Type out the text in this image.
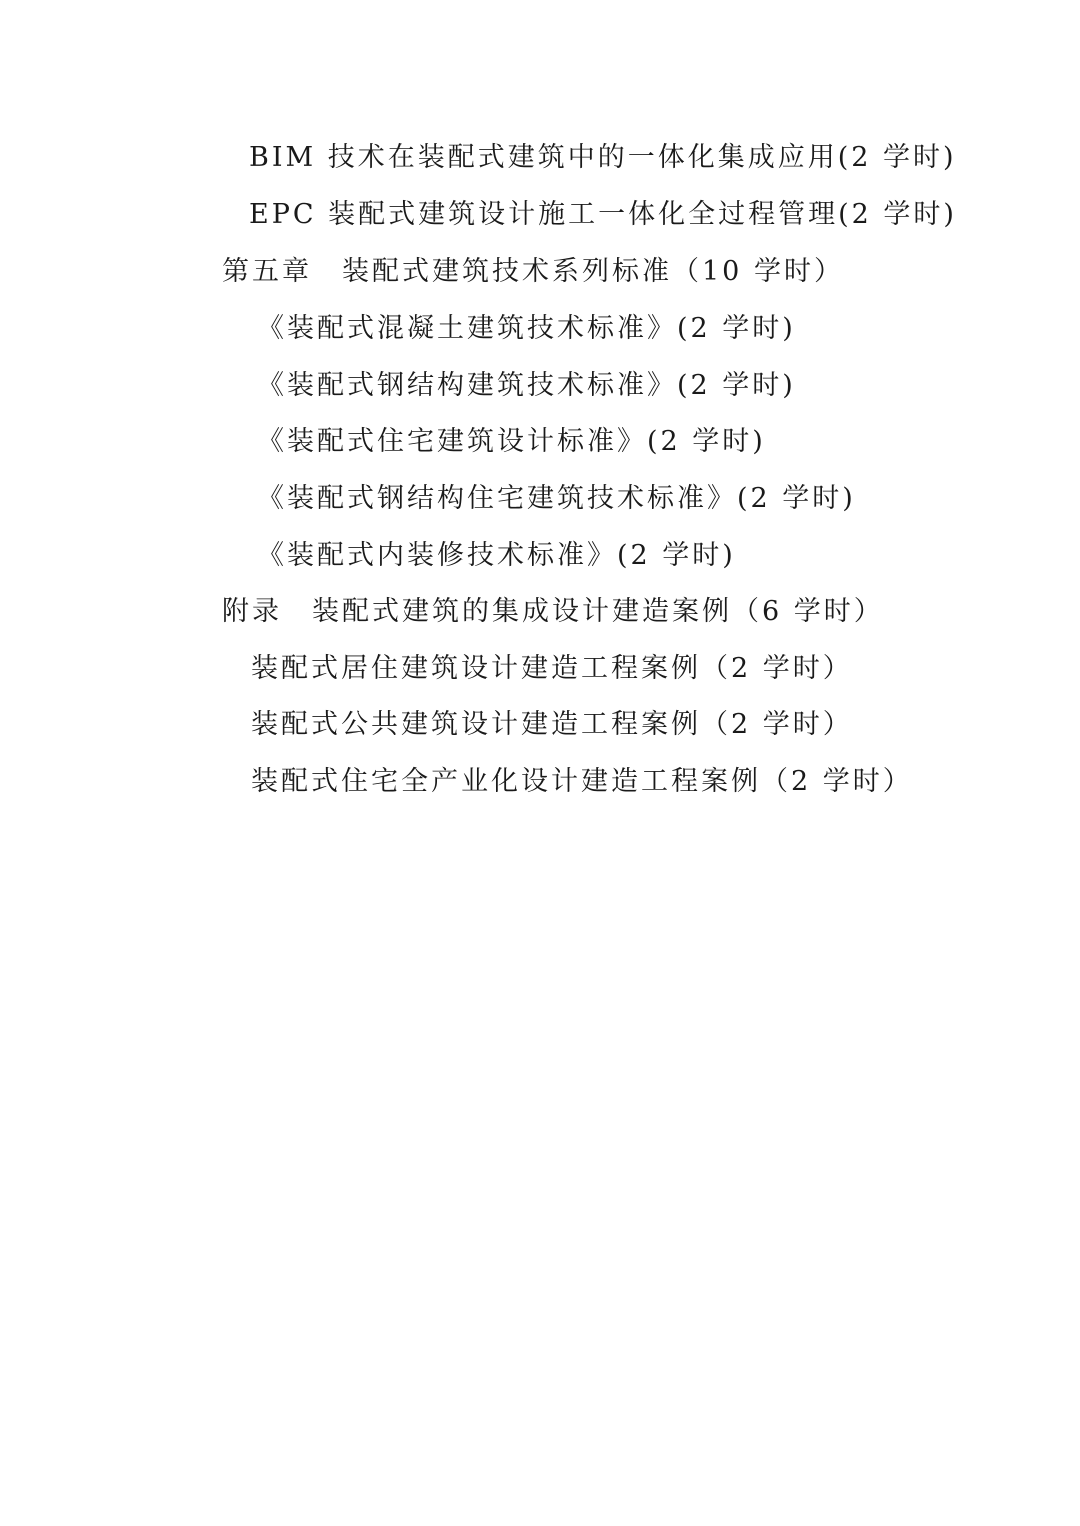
BIM 技术在装配式建筑中的一体化集成应用(2 学时)
EPC 装配式建筑设计施工一体化全过程管理(2 学时)
第五章　装配式建筑技术系列标准（10 学时）
《装配式混凝土建筑技术标准》(2 学时)
《装配式钢结构建筑技术标准》(2 学时)
《装配式住宅建筑设计标准》(2 学时)
《装配式钢结构住宅建筑技术标准》(2 学时)
《装配式内装修技术标准》(2 学时)
附录　装配式建筑的集成设计建造案例（6 学时）
装配式居住建筑设计建造工程案例（2 学时）
装配式公共建筑设计建造工程案例（2 学时）
装配式住宅全产业化设计建造工程案例（2 学时）
